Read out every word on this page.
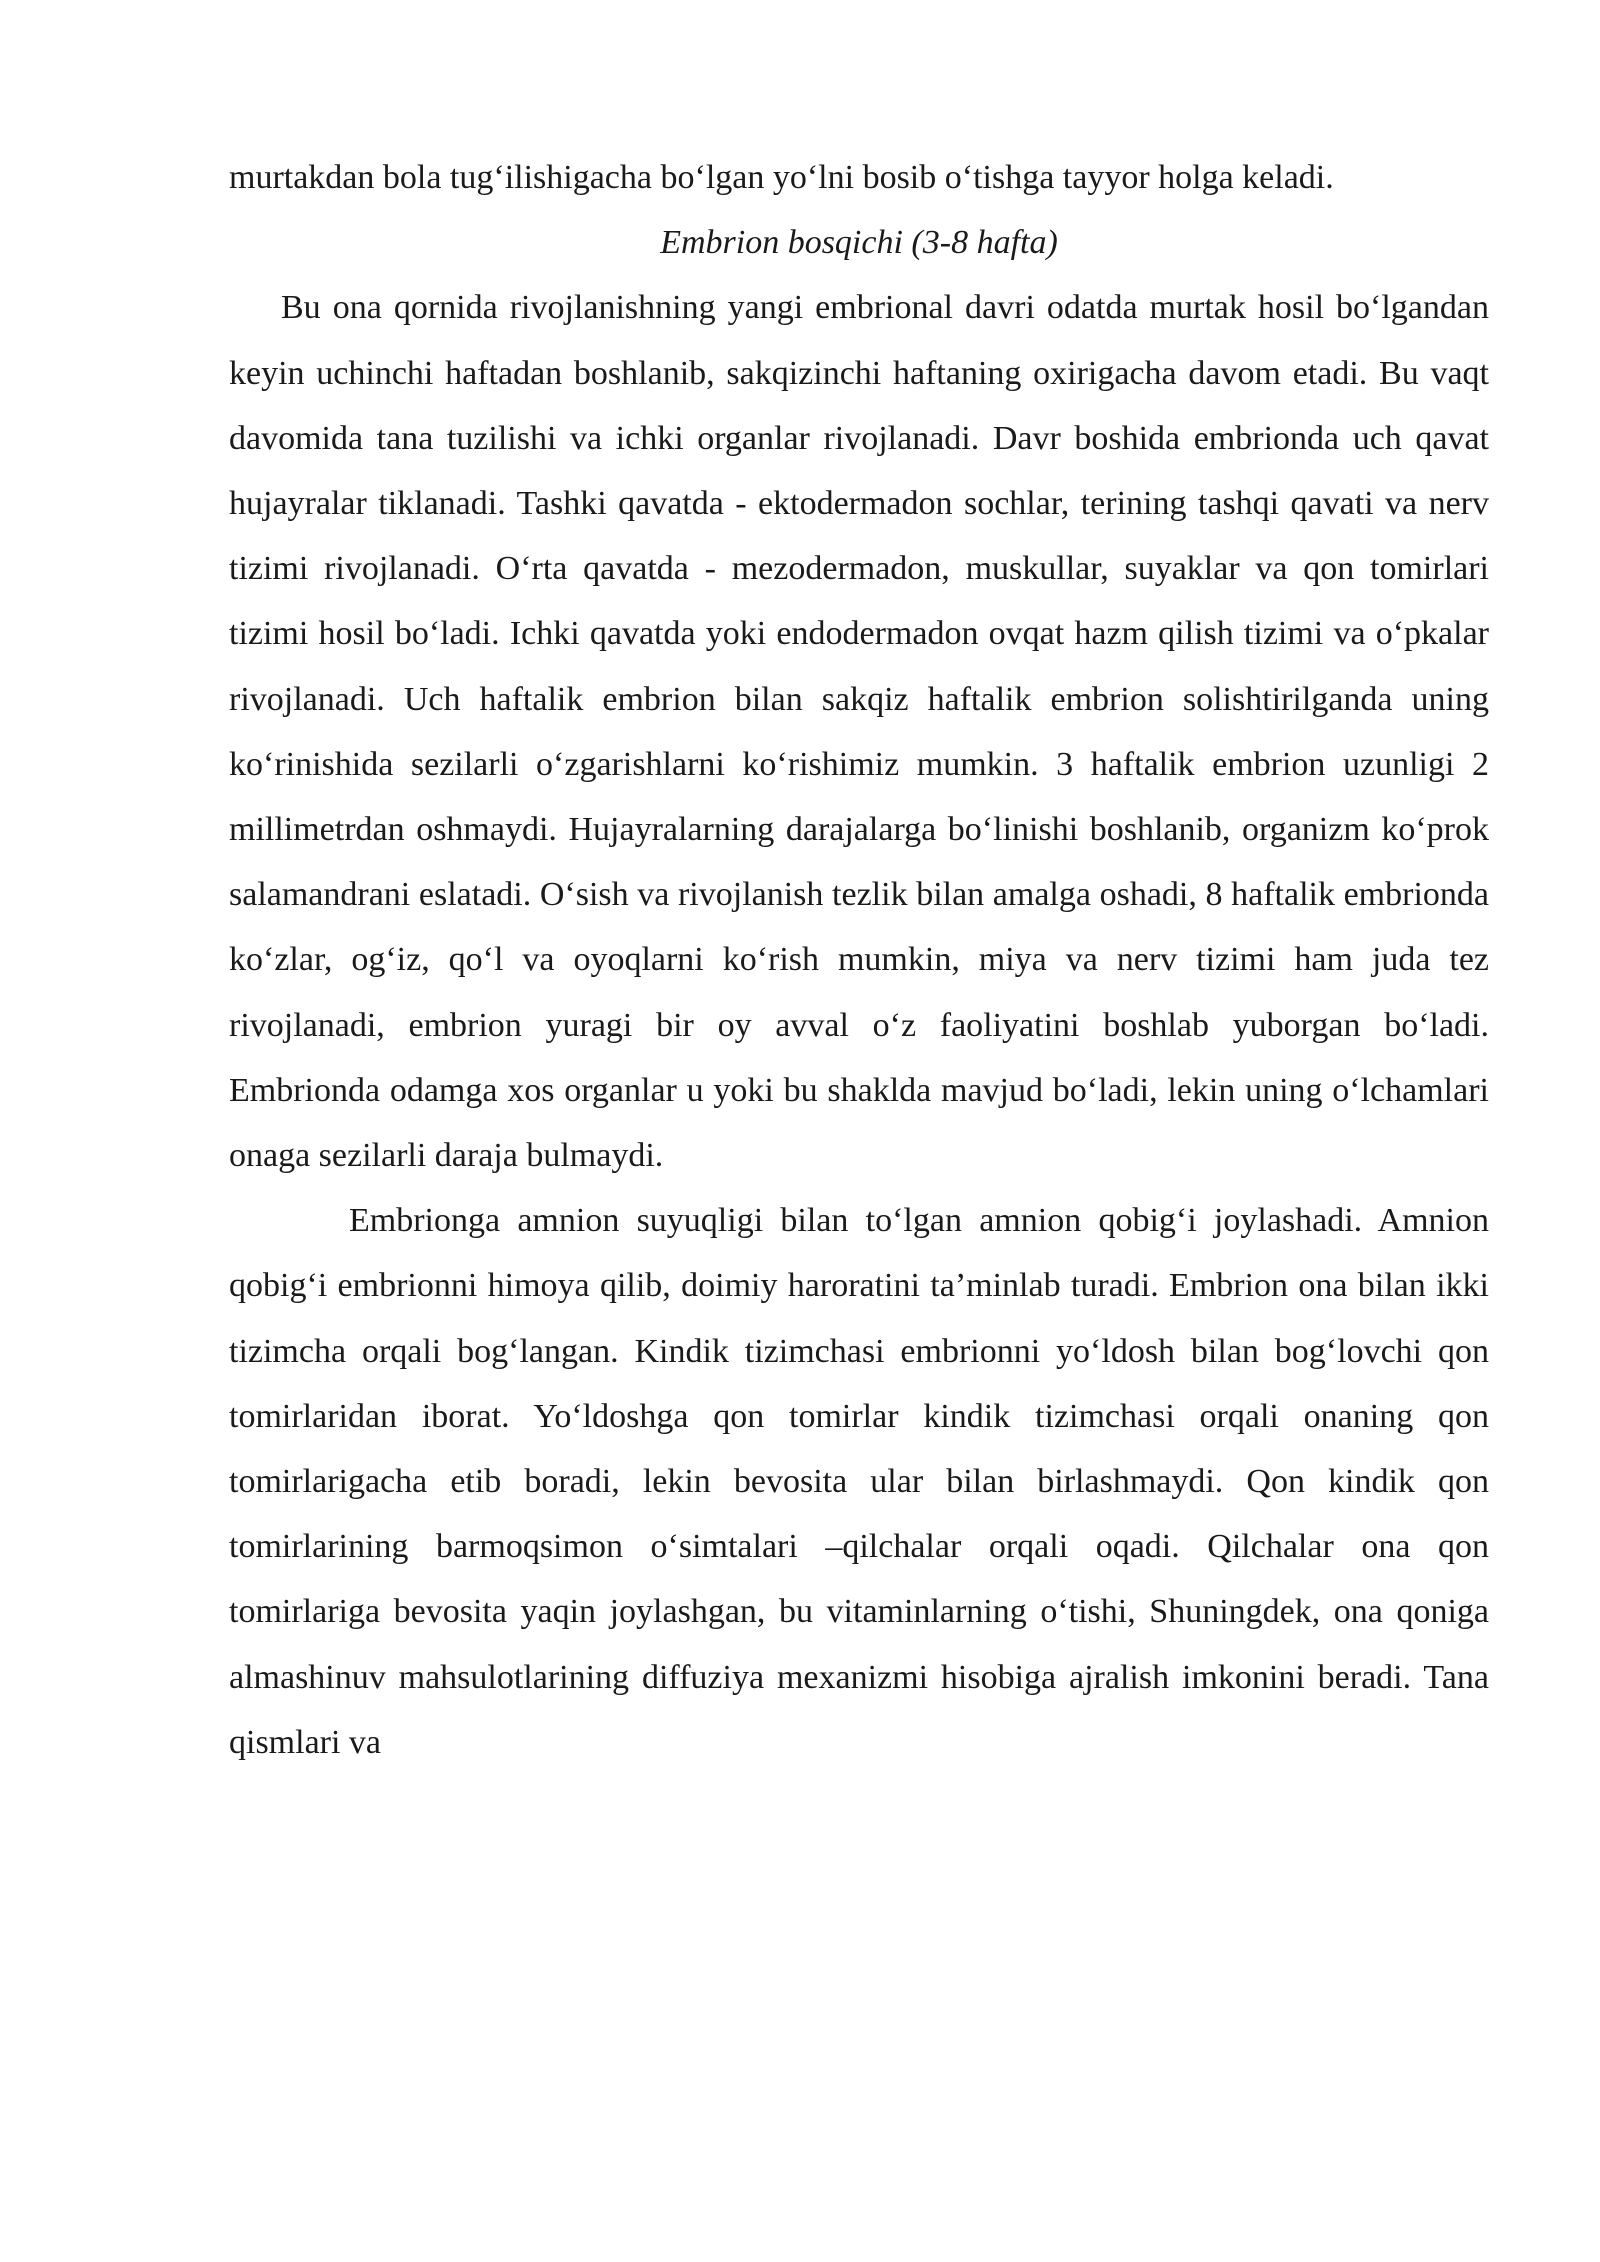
murtakdan bola tug‘ilishigacha bo‘lgan yo‘lni bosib o‘tishga tayyor holga keladi.

Embrion bosqichi (3-8 hafta)

Bu ona qornida rivojlanishning yangi embrional davri odatda murtak hosil bo‘lgandan keyin uchinchi haftadan boshlanib, sakqizinchi haftaning oxirigacha davom etadi. Bu vaqt davomida tana tuzilishi va ichki organlar rivojlanadi. Davr boshida embrionda uch qavat hujayralar tiklanadi. Tashki qavatda - ektodermadon sochlar, terining tashqi qavati va nerv tizimi rivojlanadi. O‘rta qavatda - mezodermadon, muskullar, suyaklar va qon tomirlari tizimi hosil bo‘ladi. Ichki qavatda yoki endodermadon ovqat hazm qilish tizimi va o‘pkalar rivojlanadi. Uch haftalik embrion bilan sakqiz haftalik embrion solishtirilganda uning ko‘rinishida sezilarli o‘zgarishlarni ko‘rishimiz mumkin. 3 haftalik embrion uzunligi 2 millimetrdan oshmaydi. Hujayralarning darajalarga bo‘linishi boshlanib, organizm ko‘prok salamandrani eslatadi. O‘sish va rivojlanish tezlik bilan amalga oshadi, 8 haftalik embrionda ko‘zlar, og‘iz, qo‘l va oyoqlarni ko‘rish mumkin, miya va nerv tizimi ham juda tez rivojlanadi, embrion yuragi bir oy avval o‘z faoliyatini boshlab yuborgan bo‘ladi. Embrionda odamga xos organlar u yoki bu shaklda mavjud bo‘ladi, lekin uning o‘lchamlari onaga sezilarli daraja bulmaydi.

Embrionga amnion suyuqligi bilan to‘lgan amnion qobig‘i joylashadi. Amnion qobig‘i embrionni himoya qilib, doimiy haroratini ta’minlab turadi. Embrion ona bilan ikki tizimcha orqali bog‘langan. Kindik tizimchasi embrionni yo‘ldosh bilan bog‘lovchi qon tomirlaridan iborat. Yo‘ldoshga qon tomirlar kindik tizimchasi orqali onaning qon tomirlarigacha etib boradi, lekin bevosita ular bilan birlashmaydi. Qon kindik qon tomirlarining barmoqsimon o‘simtalari –qilchalar orqali oqadi. Qilchalar ona qon tomirlariga bevosita yaqin joylashgan, bu vitaminlarning o‘tishi, Shuningdek, ona qoniga almashinuv mahsulotlarining diffuziya mexanizmi hisobiga ajralish imkonini beradi. Tana qismlari va
